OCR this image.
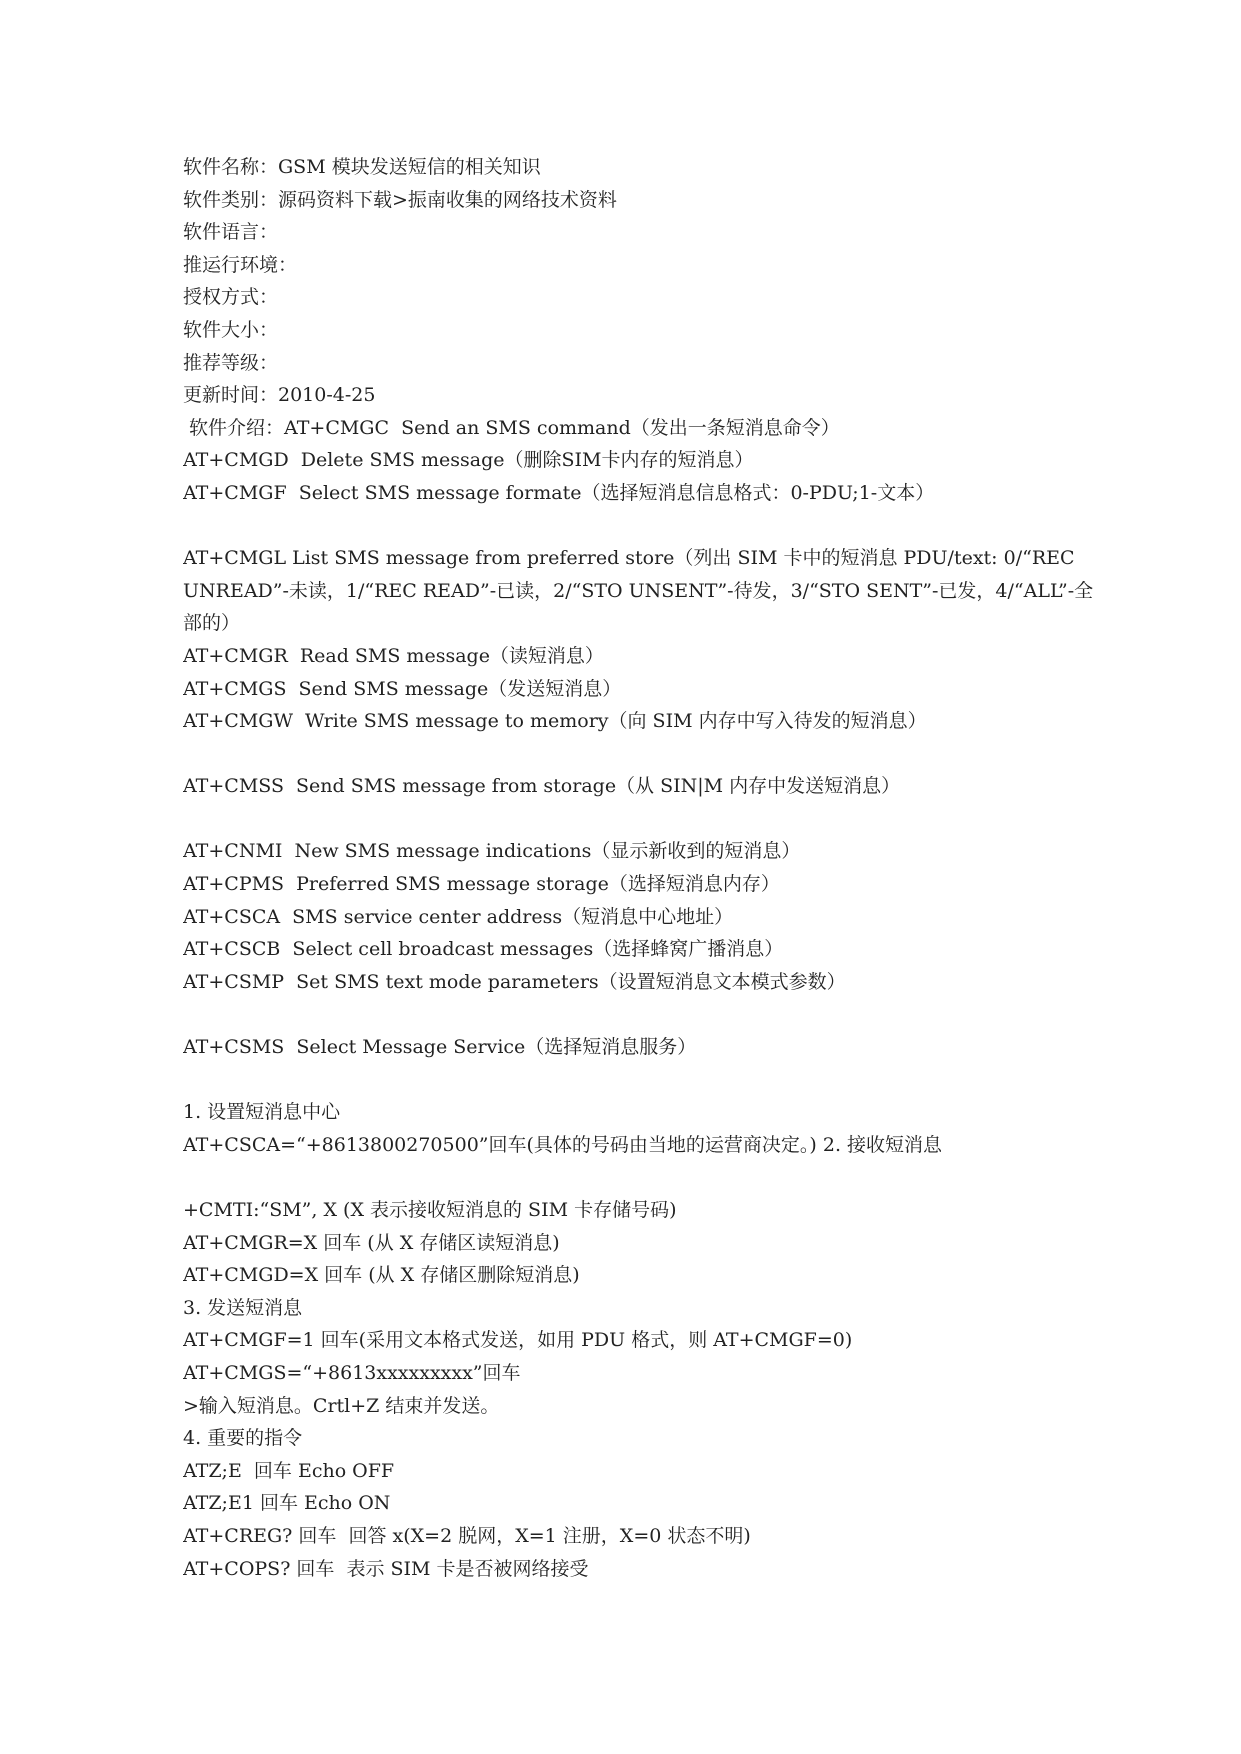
软件名称：GSM 模块发送短信的相关知识
软件类别：源码资料下载>振南收集的网络技术资料
软件语言：
推运行环境：
授权方式：
软件大小：
推荐等级：
更新时间：2010-4-25
软件介绍：AT+CMGC  Send an SMS command（发出一条短消息命令）
AT+CMGD  Delete SMS message（删除SIM卡内存的短消息）
AT+CMGF  Select SMS message formate（选择短消息信息格式：0-PDU;1-文本）
AT+CMGL List SMS message from preferred store（列出 SIM 卡中的短消息 PDU/text: 0/“REC UNREAD”-未读，1/“REC READ”-已读，2/“STO UNSENT”-待发，3/“STO SENT”-已发，4/“ALL”-全部的）
AT+CMGR  Read SMS message（读短消息）
AT+CMGS  Send SMS message（发送短消息）
AT+CMGW  Write SMS message to memory（向 SIM 内存中写入待发的短消息）
AT+CMSS  Send SMS message from storage（从 SIN|M 内存中发送短消息）
AT+CNMI  New SMS message indications（显示新收到的短消息）
AT+CPMS  Preferred SMS message storage（选择短消息内存）
AT+CSCA  SMS service center address（短消息中心地址）
AT+CSCB  Select cell broadcast messages（选择蜂窝广播消息）
AT+CSMP  Set SMS text mode parameters（设置短消息文本模式参数）
AT+CSMS  Select Message Service（选择短消息服务）
1. 设置短消息中心
AT+CSCA=“+8613800270500”回车(具体的号码由当地的运营商决定。) 2. 接收短消息
+CMTI:“SM”, X (X 表示接收短消息的 SIM 卡存储号码)
AT+CMGR=X 回车 (从 X 存储区读短消息)
AT+CMGD=X 回车 (从 X 存储区删除短消息)
3. 发送短消息
AT+CMGF=1 回车(采用文本格式发送，如用 PDU 格式，则 AT+CMGF=0)
AT+CMGS=“+8613xxxxxxxxx”回车
>输入短消息。Crtl+Z 结束并发送。
4. 重要的指令
ATZ;E  回车 Echo OFF
ATZ;E1 回车 Echo ON
AT+CREG? 回车  回答 x(X=2 脱网，X=1 注册，X=0 状态不明)
AT+COPS? 回车  表示 SIM 卡是否被网络接受
